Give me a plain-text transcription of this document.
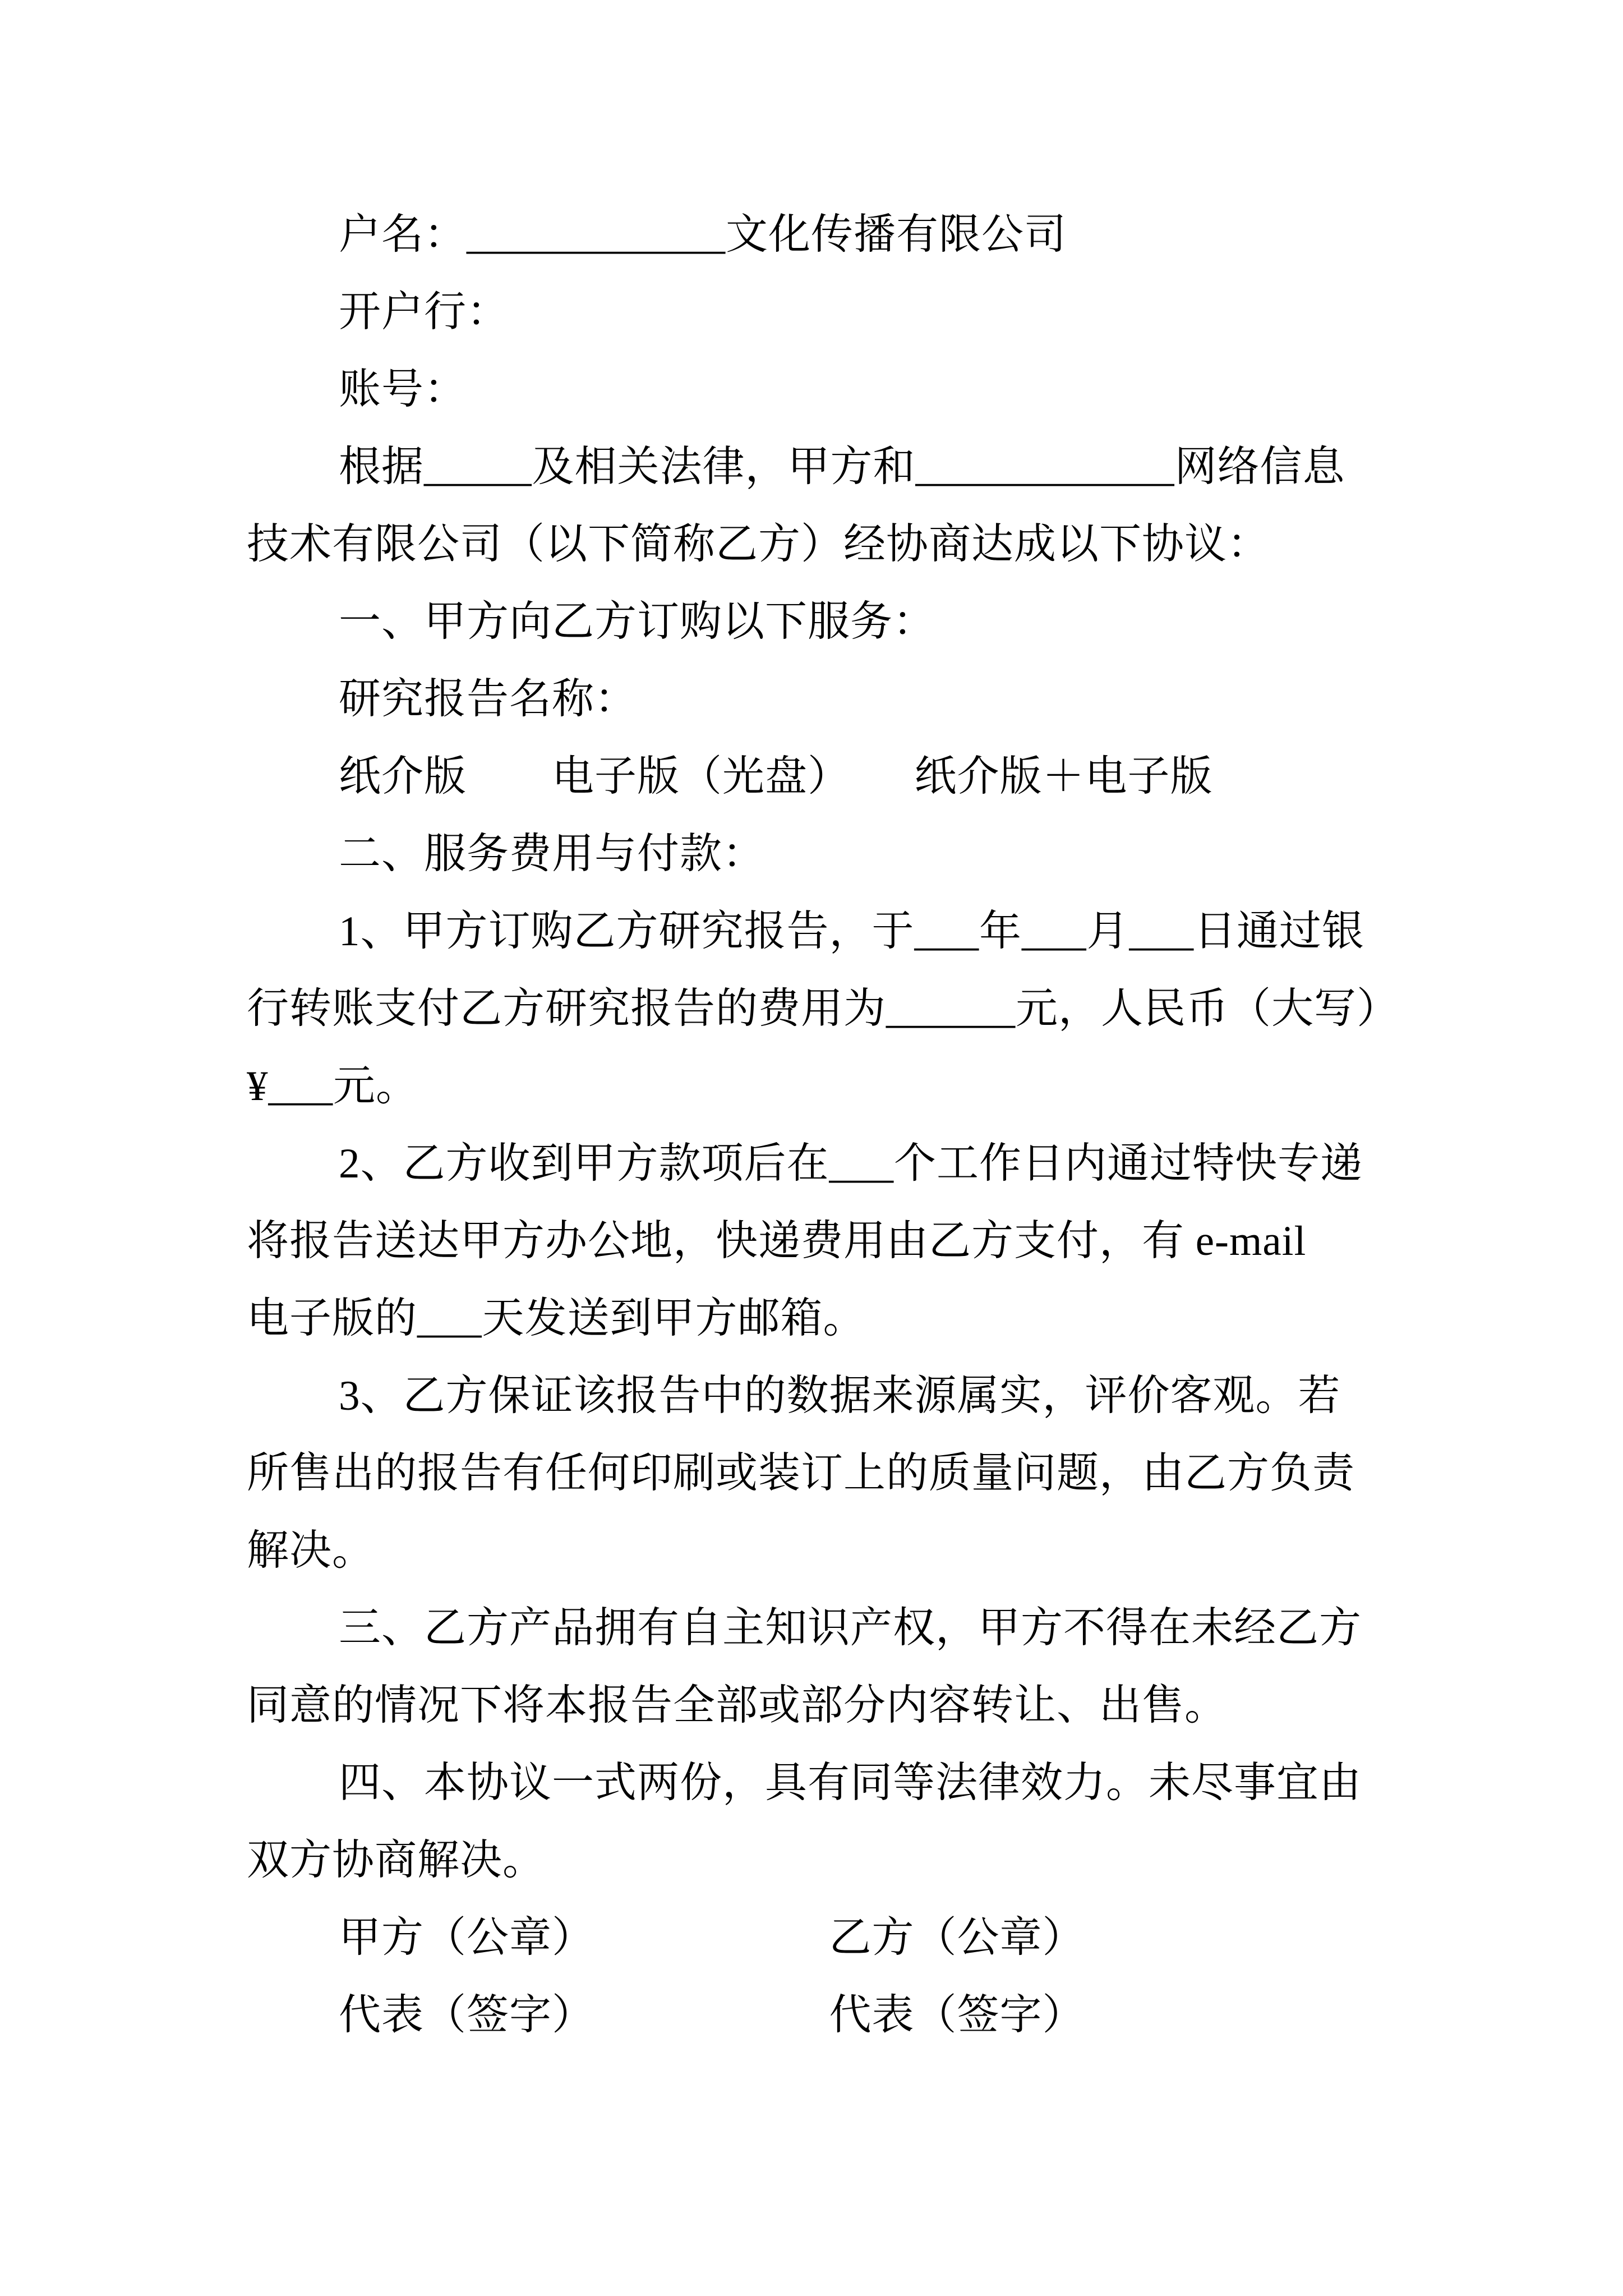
户名：____________文化传播有限公司
开户行：
账号：
根据_____及相关法律，甲方和____________网络信息
技术有限公司（以下简称乙方）经协商达成以下协议：
一、甲方向乙方订购以下服务：
研究报告名称：
纸介版　　电子版（光盘）　　纸介版＋电子版
二、服务费用与付款：
1、甲方订购乙方研究报告，于___年___月___日通过银
行转账支付乙方研究报告的费用为______元，人民币（大写）
¥___元。
2、乙方收到甲方款项后在___个工作日内通过特快专递
将报告送达甲方办公地，快递费用由乙方支付，有 e-mail
电子版的___天发送到甲方邮箱。
3、乙方保证该报告中的数据来源属实，评价客观。若
所售出的报告有任何印刷或装订上的质量问题，由乙方负责
解决。
三、乙方产品拥有自主知识产权，甲方不得在未经乙方
同意的情况下将本报告全部或部分内容转让、出售。
四、本协议一式两份，具有同等法律效力。未尽事宜由
双方协商解决。
甲方（公章）　　　　　　乙方（公章）
代表（签字）　　　　　　代表（签字）
